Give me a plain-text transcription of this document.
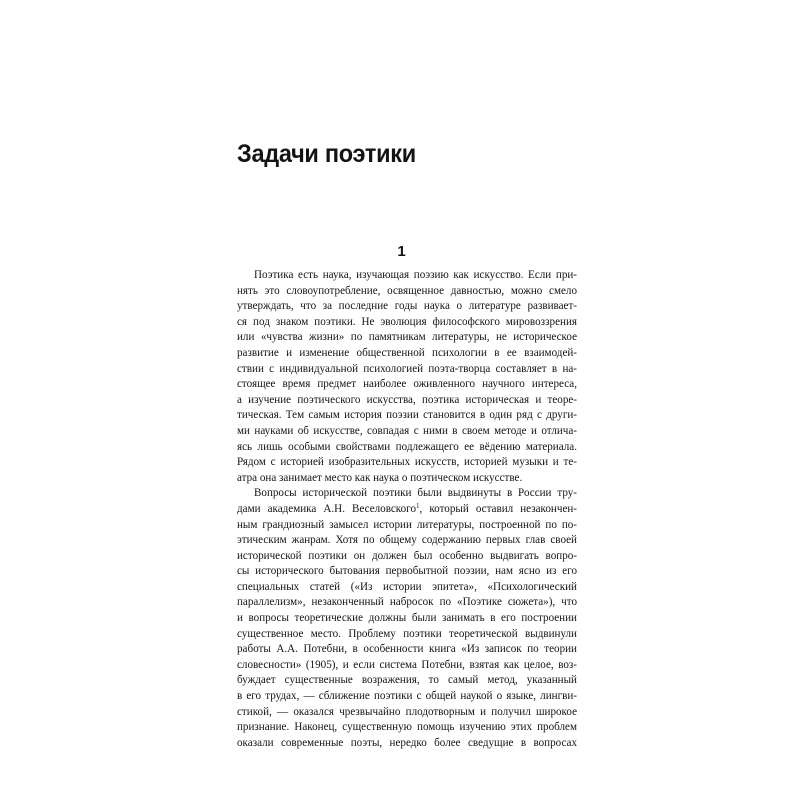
Задачи поэтики
1
Поэтика есть наука, изучающая поэзию как искусство. Если при-
нять это словоупотребление, освященное давностью, можно смело
утверждать, что за последние годы наука о литературе развивает-
ся под знаком поэтики. Не эволюция философского мировоззрения
или «чувства жизни» по памятникам литературы, не историческое
развитие и изменение общественной психологии в ее взаимодей-
ствии с индивидуальной психологией поэта-творца составляет в на-
стоящее время предмет наиболее оживленного научного интереса,
а изучение поэтического искусства, поэтика историческая и теоре-
тическая. Тем самым история поэзии становится в один ряд с други-
ми науками об искусстве, совпадая с ними в своем методе и отлича-
ясь лишь особыми свойствами подлежащего ее вёдению материала.
Рядом с историей изобразительных искусств, историей музыки и те-
атра она занимает место как наука о поэтическом искусстве.
Вопросы исторической поэтики были выдвинуты в России тру-
дами академика А.Н. Веселовского$^1$, который оставил незакончен-
ным грандиозный замысел истории литературы, построенной по по-
этическим жанрам. Хотя по общему содержанию первых глав своей
исторической поэтики он должен был особенно выдвигать вопро-
сы исторического бытования первобытной поэзии, нам ясно из его
специальных статей («Из истории эпитета», «Психологический
параллелизм», незаконченный набросок по «Поэтике сюжета»), что
и вопросы теоретические должны были занимать в его построении
существенное место. Проблему поэтики теоретической выдвинули
работы А.А. Потебни, в особенности книга «Из записок по теории
словесности» (1905), и если система Потебни, взятая как целое, воз-
буждает существенные возражения, то самый метод, указанный
в его трудах, — сближение поэтики с общей наукой о языке, лингви-
стикой, — оказался чрезвычайно плодотворным и получил широкое
признание. Наконец, существенную помощь изучению этих проблем
оказали современные поэты, нередко более сведущие в вопросах
